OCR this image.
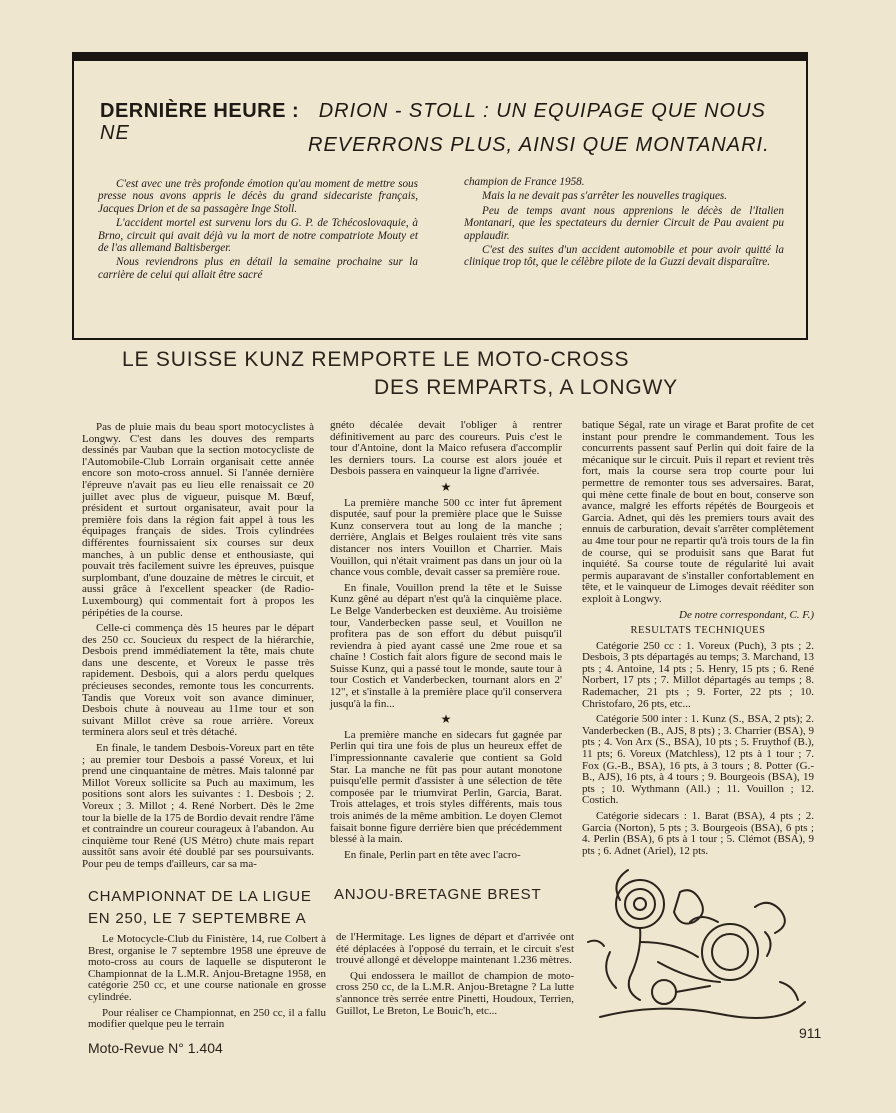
DERNIÈRE HEURE : DRION - STOLL : UN EQUIPAGE QUE NOUS NE
REVERRONS PLUS, AINSI QUE MONTANARI.

C'est avec une très profonde émotion qu'au moment de mettre sous presse nous avons appris le décès du grand sidecariste français, Jacques Drion et de sa passagère Inge Stoll.

L'accident mortel est survenu lors du G. P. de Tchécoslovaquie, à Brno, circuit qui avait déjà vu la mort de notre compatriote Mouty et de l'as allemand Baltisberger.

Nous reviendrons plus en détail la semaine prochaine sur la carrière de celui qui allait être sacré

champion de France 1958.

Mais la ne devait pas s'arrêter les nouvelles tragiques.

Peu de temps avant nous apprenions le décès de l'Italien Montanari, que les spectateurs du dernier Circuit de Pau avaient pu applaudir.

C'est des suites d'un accident automobile et pour avoir quitté la clinique trop tôt, que le célèbre pilote de la Guzzi devait disparaître.

LE SUISSE KUNZ REMPORTE LE MOTO-CROSS
DES REMPARTS, A LONGWY

Pas de pluie mais du beau sport motocyclistes à Longwy. C'est dans les douves des remparts dessinés par Vauban que la section motocycliste de l'Automobile-Club Lorrain organisait cette année encore son moto-cross annuel. Si l'année dernière l'épreuve n'avait pas eu lieu elle renaissait ce 20 juillet avec plus de vigueur, puisque M. Bœuf, président et surtout organisateur, avait pour la première fois dans la région fait appel à tous les équipages français de sides. Trois cylindrées différentes fournissaient six courses sur deux manches, à un public dense et enthousiaste, qui pouvait très facilement suivre les épreuves, puisque surplombant, d'une douzaine de mètres le circuit, et aussi grâce à l'excellent speacker (de Radio-Luxembourg) qui commentait fort à propos les péripéties de la course.

Celle-ci commença dès 15 heures par le départ des 250 cc. Soucieux du respect de la hiérarchie, Desbois prend immédiatement la tête, mais chute dans une descente, et Voreux le passe très rapidement. Desbois, qui a alors perdu quelques précieuses secondes, remonte tous les concurrents. Tandis que Voreux voit son avance diminuer, Desbois chute à nouveau au 11me tour et son suivant Millot crève sa roue arrière. Voreux terminera alors seul et très détaché.

En finale, le tandem Desbois-Voreux part en tête ; au premier tour Desbois a passé Voreux, et lui prend une cinquantaine de mètres. Mais talonné par Millot Voreux sollicite sa Puch au maximum, les positions sont alors les suivantes : 1. Desbois ; 2. Voreux ; 3. Millot ; 4. René Norbert. Dès le 2me tour la bielle de la 175 de Bordio devait rendre l'âme et contraindre un coureur courageux à l'abandon. Au cinquième tour René (US Métro) chute mais repart aussitôt sans avoir été doublé par ses poursuivants. Pour peu de temps d'ailleurs, car sa ma-

gnéto décalée devait l'obliger à rentrer définitivement au parc des coureurs. Puis c'est le tour d'Antoine, dont la Maico refusera d'accomplir les derniers tours. La course est alors jouée et Desbois passera en vainqueur la ligne d'arrivée.

★

La première manche 500 cc inter fut âprement disputée, sauf pour la première place que le Suisse Kunz conservera tout au long de la manche ; derrière, Anglais et Belges roulaient très vite sans distancer nos inters Vouillon et Charrier. Mais Vouillon, qui n'était vraiment pas dans un jour où la chance vous comble, devait casser sa première roue.

En finale, Vouillon prend la tête et le Suisse Kunz gêné au départ n'est qu'à la cinquième place. Le Belge Vanderbecken est deuxième. Au troisième tour, Vanderbecken passe seul, et Vouillon ne profitera pas de son effort du début puisqu'il reviendra à pied ayant cassé une 2me roue et sa chaîne ! Costich fait alors figure de second mais le Suisse Kunz, qui a passé tout le monde, saute tour à tour Costich et Vanderbecken, tournant alors en 2' 12", et s'installe à la première place qu'il conservera jusqu'à la fin...

★

La première manche en sidecars fut gagnée par Perlin qui tira une fois de plus un heureux effet de l'impressionnante cavalerie que contient sa Gold Star. La manche ne fût pas pour autant monotone puisqu'elle permit d'assister à une sélection de tête composée par le triumvirat Perlin, Garcia, Barat. Trois attelages, et trois styles différents, mais tous trois animés de la même ambition. Le doyen Clemot faisait bonne figure derrière bien que précédemment blessé à la main.

En finale, Perlin part en tête avec l'acro-

batique Ségal, rate un virage et Barat profite de cet instant pour prendre le commandement. Tous les concurrents passent sauf Perlin qui doit faire de la mécanique sur le circuit. Puis il repart et revient très fort, mais la course sera trop courte pour lui permettre de remonter tous ses adversaires. Barat, qui mène cette finale de bout en bout, conserve son avance, malgré les efforts répétés de Bourgeois et Garcia. Adnet, qui dès les premiers tours avait des ennuis de carburation, devait s'arrêter complètement au 4me tour pour ne repartir qu'à trois tours de la fin de course, qui se produisit sans que Barat fut inquiété. Sa course toute de régularité lui avait permis auparavant de s'installer confortablement en tête, et le vainqueur de Limoges devait rééditer son exploit à Longwy.

De notre correspondant, C. F.)

RESULTATS TECHNIQUES

Catégorie 250 cc : 1. Voreux (Puch), 3 pts ; 2. Desbois, 3 pts départagés au temps; 3. Marchand, 13 pts ; 4. Antoine, 14 pts ; 5. Henry, 15 pts ; 6. René Norbert, 17 pts ; 7. Millot départagés au temps ; 8. Rademacher, 21 pts ; 9. Forter, 22 pts ; 10. Christofaro, 26 pts, etc...

Catégorie 500 inter : 1. Kunz (S., BSA, 2 pts); 2. Vanderbecken (B., AJS, 8 pts) ; 3. Charrier (BSA), 9 pts ; 4. Von Arx (S., BSA), 10 pts ; 5. Fruythof (B.), 11 pts; 6. Voreux (Matchless), 12 pts à 1 tour ; 7. Fox (G.-B., BSA), 16 pts, à 3 tours ; 8. Potter (G.-B., AJS), 16 pts, à 4 tours ; 9. Bourgeois (BSA), 19 pts ; 10. Wythmann (All.) ; 11. Vouillon ; 12. Costich.

Catégorie sidecars : 1. Barat (BSA), 4 pts ; 2. Garcia (Norton), 5 pts ; 3. Bourgeois (BSA), 6 pts ; 4. Perlin (BSA), 6 pts à 1 tour ; 5. Clémot (BSA), 9 pts ; 6. Adnet (Ariel), 12 pts.

CHAMPIONNAT DE LA LIGUE EN 250, LE 7 SEPTEMBRE A
ANJOU-BRETAGNE BREST

Le Motocycle-Club du Finistère, 14, rue Colbert à Brest, organise le 7 septembre 1958 une épreuve de moto-cross au cours de laquelle se disputeront le Championnat de la L.M.R. Anjou-Bretagne 1958, en catégorie 250 cc, et une course nationale en grosse cylindrée.

Pour réaliser ce Championnat, en 250 cc, il a fallu modifier quelque peu le terrain

de l'Hermitage. Les lignes de départ et d'arrivée ont été déplacées à l'opposé du terrain, et le circuit s'est trouvé allongé et développe maintenant 1.236 mètres.

Qui endossera le maillot de champion de moto-cross 250 cc, de la L.M.R. Anjou-Bretagne ? La lutte s'annonce très serrée entre Pinetti, Houdoux, Terrien, Guillot, Le Breton, Le Bouic'h, etc...

Moto-Revue N° 1.404
911
